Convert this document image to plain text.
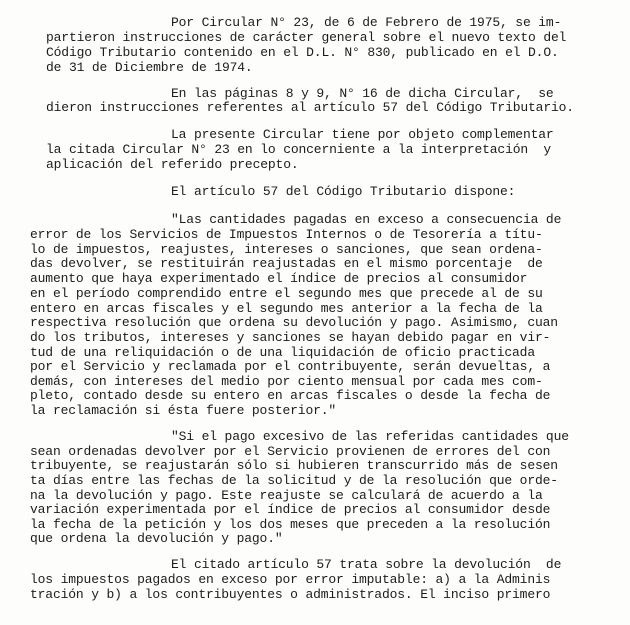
Por Circular N° 23, de 6 de Febrero de 1975, se im-
partieron instrucciones de carácter general sobre el nuevo texto del
Código Tributario contenido en el D.L. N° 830, publicado en el D.O.
de 31 de Diciembre de 1974.
En las páginas 8 y 9, N° 16 de dicha Circular,  se
dieron instrucciones referentes al artículo 57 del Código Tributario.
La presente Circular tiene por objeto complementar
la citada Circular N° 23 en lo concerniente a la interpretación  y
aplicación del referido precepto.
El artículo 57 del Código Tributario dispone:
"Las cantidades pagadas en exceso a consecuencia de
error de los Servicios de Impuestos Internos o de Tesorería a títu-
lo de impuestos, reajustes, intereses o sanciones, que sean ordena-
das devolver, se restituirán reajustadas en el mismo porcentaje  de
aumento que haya experimentado el índice de precios al consumidor
en el período comprendido entre el segundo mes que precede al de su
entero en arcas fiscales y el segundo mes anterior a la fecha de la
respectiva resolución que ordena su devolución y pago. Asimismo, cuan
do los tributos, intereses y sanciones se hayan debido pagar en vir-
tud de una reliquidación o de una liquidación de oficio practicada
por el Servicio y reclamada por el contribuyente, serán devueltas, a
demás, con intereses del medio por ciento mensual por cada mes com-
pleto, contado desde su entero en arcas fiscales o desde la fecha de
la reclamación si ésta fuere posterior."
"Si el pago excesivo de las referidas cantidades que
sean ordenadas devolver por el Servicio provienen de errores del con
tribuyente, se reajustarán sólo si hubieren transcurrido más de sesen
ta días entre las fechas de la solicitud y de la resolución que orde-
na la devolución y pago. Este reajuste se calculará de acuerdo a la
variación experimentada por el índice de precios al consumidor desde
la fecha de la petición y los dos meses que preceden a la resolución
que ordena la devolución y pago."
El citado artículo 57 trata sobre la devolución  de
los impuestos pagados en exceso por error imputable: a) a la Adminis
tración y b) a los contribuyentes o administrados. El inciso primero
